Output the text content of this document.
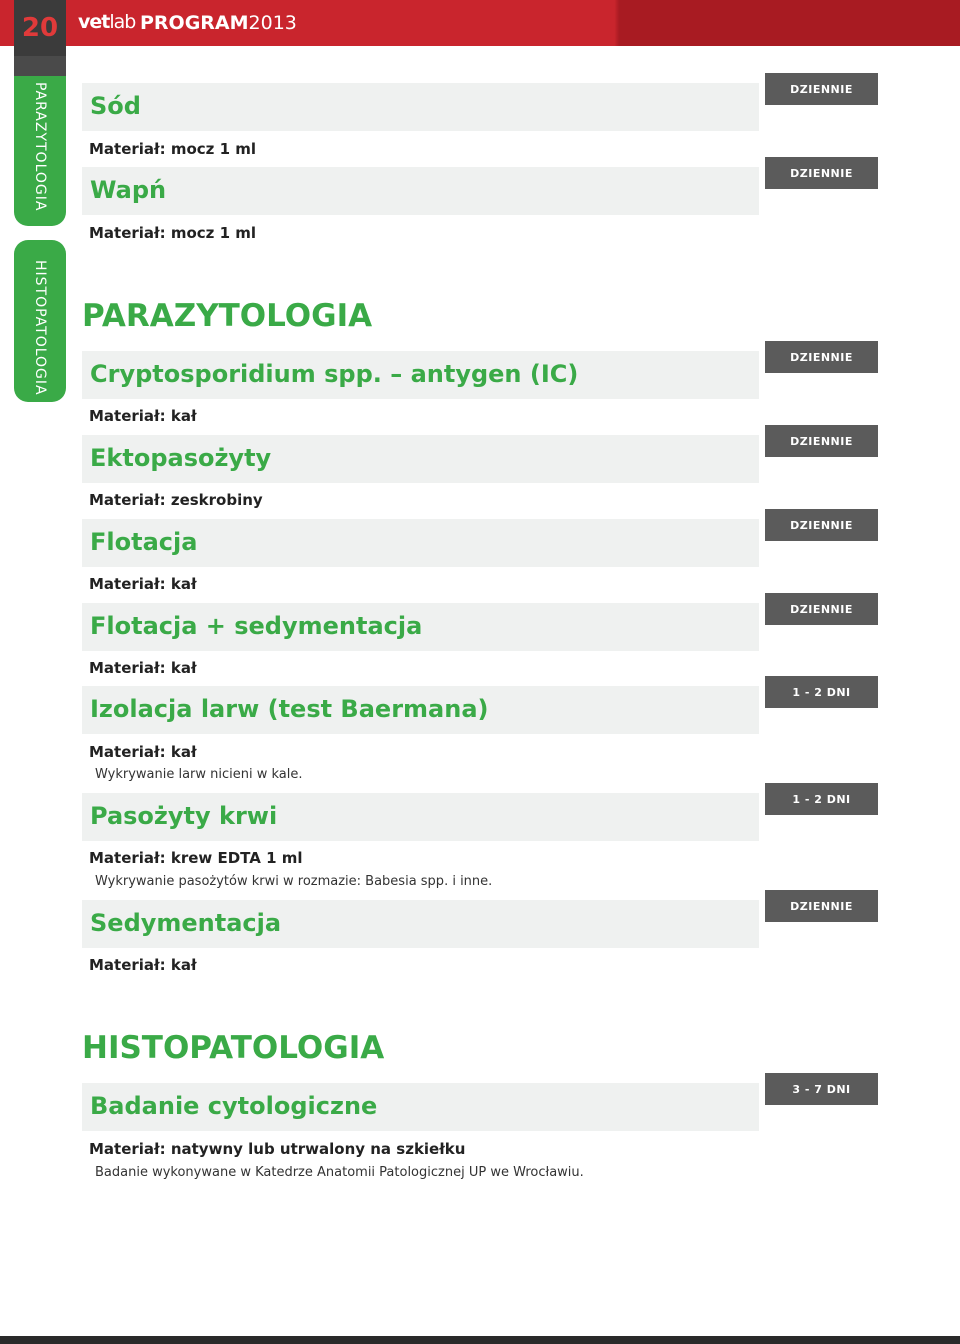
20	vetlab PROGRAM2013
PARAZYTOLOGIA
HISTOPATOLOGIA
Sód
Materiał: mocz 1 ml
DZIENNIE
Wapń
Materiał: mocz 1 ml
DZIENNIE
PARAZYTOLOGIA
Cryptosporidium spp. – antygen (IC)
Materiał: kał
DZIENNIE
Ektopasożyty
Materiał: zeskrobiny
DZIENNIE
Flotacja
Materiał: kał
DZIENNIE
Flotacja + sedymentacja
Materiał: kał
DZIENNIE
Izolacja larw (test Baermana)
Materiał: kał
Wykrywanie larw nicieni w kale.
1 - 2 DNI
Pasożyty krwi
Materiał: krew EDTA 1 ml
Wykrywanie pasożytów krwi w rozmazie: Babesia spp. i inne.
1 - 2 DNI
Sedymentacja
Materiał: kał
DZIENNIE
HISTOPATOLOGIA
Badanie cytologiczne
Materiał: natywny lub utrwalony na szkiełku
Badanie wykonywane w Katedrze Anatomii Patologicznej UP we Wrocławiu.
3 - 7 DNI
